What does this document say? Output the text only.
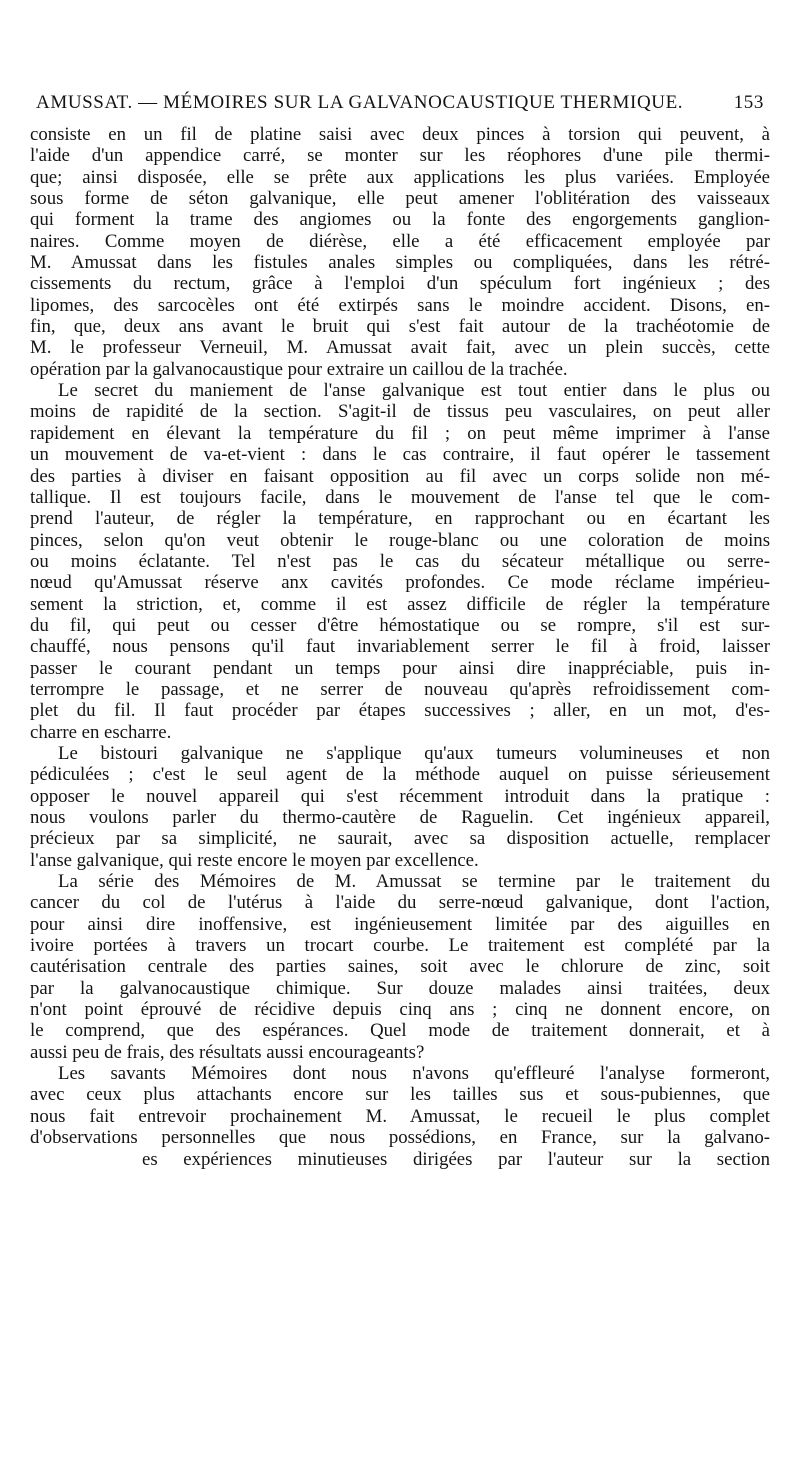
AMUSSAT. — MÉMOIRES SUR LA GALVANOCAUSTIQUE THERMIQUE.	153
consiste en un fil de platine saisi avec deux pinces à torsion qui peuvent, à
l'aide d'un appendice carré, se monter sur les réophores d'une pile thermi-
que; ainsi disposée, elle se prête aux applications les plus variées. Employée
sous forme de séton galvanique, elle peut amener l'oblitération des vaisseaux
qui forment la trame des angiomes ou la fonte des engorgements ganglion-
naires. Comme moyen de diérèse, elle a été efficacement employée par
M. Amussat dans les fistules anales simples ou compliquées, dans les rétré-
cissements du rectum, grâce à l'emploi d'un spéculum fort ingénieux ; des
lipomes, des sarcocèles ont été extirpés sans le moindre accident. Disons, en-
fin, que, deux ans avant le bruit qui s'est fait autour de la trachéotomie de
M. le professeur Verneuil, M. Amussat avait fait, avec un plein succès, cette
opération par la galvanocaustique pour extraire un caillou de la trachée.
Le secret du maniement de l'anse galvanique est tout entier dans le plus ou
moins de rapidité de la section. S'agit-il de tissus peu vasculaires, on peut aller
rapidement en élevant la température du fil ; on peut même imprimer à l'anse
un mouvement de va-et-vient : dans le cas contraire, il faut opérer le tassement
des parties à diviser en faisant opposition au fil avec un corps solide non mé-
tallique. Il est toujours facile, dans le mouvement de l'anse tel que le com-
prend l'auteur, de régler la température, en rapprochant ou en écartant les
pinces, selon qu'on veut obtenir le rouge-blanc ou une coloration de moins
ou moins éclatante. Tel n'est pas le cas du sécateur métallique ou serre-
nœud qu'Amussat réserve anx cavités profondes. Ce mode réclame impérieu-
sement la striction, et, comme il est assez difficile de régler la température
du fil, qui peut ou cesser d'être hémostatique ou se rompre, s'il est sur-
chauffé, nous pensons qu'il faut invariablement serrer le fil à froid, laisser
passer le courant pendant un temps pour ainsi dire inappréciable, puis in-
terrompre le passage, et ne serrer de nouveau qu'après refroidissement com-
plet du fil. Il faut procéder par étapes successives ; aller, en un mot, d'es-
charre en escharre.
Le bistouri galvanique ne s'applique qu'aux tumeurs volumineuses et non
pédiculées ; c'est le seul agent de la méthode auquel on puisse sérieusement
opposer le nouvel appareil qui s'est récemment introduit dans la pratique :
nous voulons parler du thermo-cautère de Raguelin. Cet ingénieux appareil,
précieux par sa simplicité, ne saurait, avec sa disposition actuelle, remplacer
l'anse galvanique, qui reste encore le moyen par excellence.
La série des Mémoires de M. Amussat se termine par le traitement du
cancer du col de l'utérus à l'aide du serre-nœud galvanique, dont l'action,
pour ainsi dire inoffensive, est ingénieusement limitée par des aiguilles en
ivoire portées à travers un trocart courbe. Le traitement est complété par la
cautérisation centrale des parties saines, soit avec le chlorure de zinc, soit
par la galvanocaustique chimique. Sur douze malades ainsi traitées, deux
n'ont point éprouvé de récidive depuis cinq ans ; cinq ne donnent encore, on
le comprend, que des espérances. Quel mode de traitement donnerait, et à
aussi peu de frais, des résultats aussi encourageants?
Les savants Mémoires dont nous n'avons qu'effleuré l'analyse formeront,
avec ceux plus attachants encore sur les tailles sus et sous-pubiennes, que
nous fait entrevoir prochainement M. Amussat, le recueil le plus complet
d'observations personnelles que nous possédions, en France, sur la galvano-
es expériences minutieuses dirigées par l'auteur sur la section
